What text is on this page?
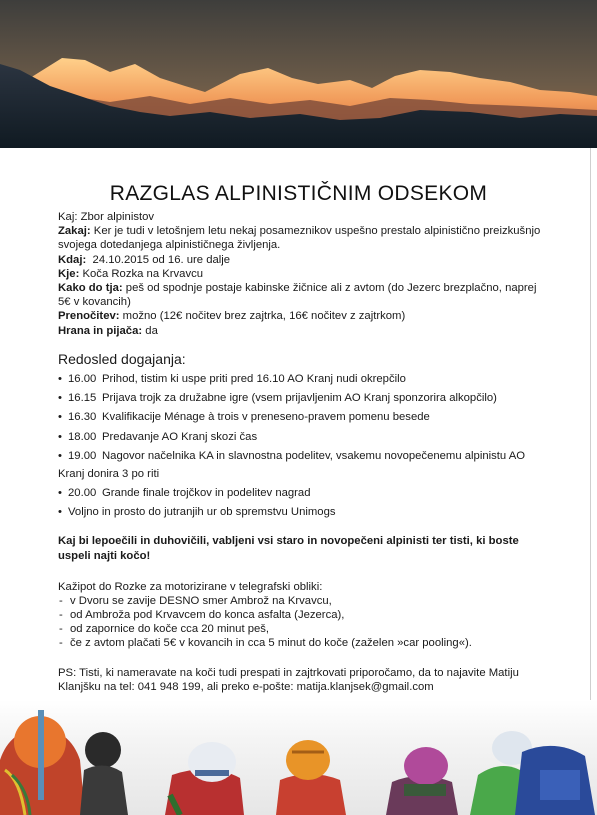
RAZGLAS ALPINISTIČNIM ODSEKOM

Kaj: Zbor alpinistov

Zakaj: Ker je tudi v letošnjem letu nekaj posameznikov uspešno prestalo alpinistično preizkušnjo

svojega dotedanjega alpinističnega življenja.

Kdaj: 24.10.2015 od 16. ure dalje

Kje: Koča Rozka na Krvavcu

Kako do tja: peš od spodnje postaje kabinske žičnice ali z avtom (do Jezerc brezplačno, naprej

5€ v kovancih)

Prenočitev: možno (12€ nočitev brez zajtrka, 16€ nočitev z zajtrkom)

Hrana in pijača: da

Redosled dogajanja:

• 16.00 Prihod, tistim ki uspe priti pred 16.10 AO Kranj nudi okrepčilo
• 16.15 Prijava trojk za družabne igre (vsem prijavljenim AO Kranj sponzorira alkopčilo)
• 16.30 Kvalifikacije Ménage à trois v preneseno-pravem pomenu besede
• 18.00 Predavanje AO Kranj skozi čas
• 19.00 Nagovor načelnika KA in slavnostna podelitev, vsakemu novopečenemu alpinistu AO

Kranj donira 3 po riti

• 20.00 Grande finale trojčkov in podelitev nagrad
• Voljno in prosto do jutranjih ur ob spremstvu Unimogs

Kaj bi lepoečili in duhovičili, vabljeni vsi staro in novopečeni alpinisti ter tisti, ki boste
uspeli najti kočo!

Kažipot do Rozke za motorizirane v telegrafski obliki:

- v Dvoru se zavije DESNO smer Ambrož na Krvavcu,
- od Ambroža pod Krvavcem do konca asfalta (Jezerca),
- od zapornice do koče cca 20 minut peš,
- če z avtom plačati 5€ v kovancih in cca 5 minut do koče (zaželen »car pooling«).

PS: Tisti, ki nameravate na koči tudi prespati in zajtrkovati priporočamo, da to najavite Matiju
Klanjšku na tel: 041 948 199, ali preko e-pošte: matija.klanjsek@gmail.com
